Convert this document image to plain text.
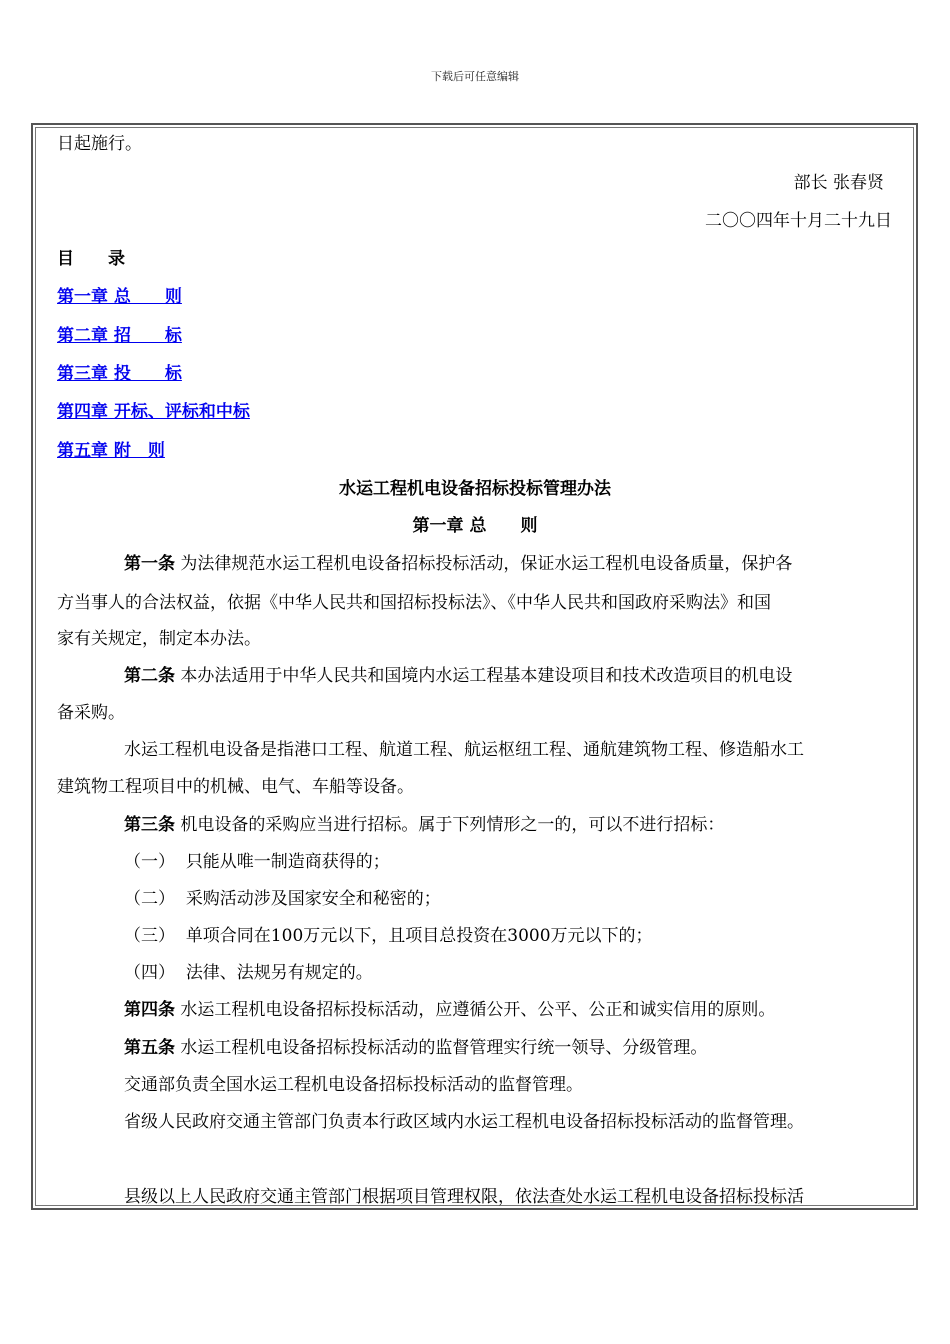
下载后可任意编辑
日起施行。
部长 张春贤
二〇〇四年十月二十九日
目　　录
第一章 总　　则
第二章 招　　标
第三章 投　　标
第四章 开标、评标和中标
第五章 附　则
水运工程机电设备招标投标管理办法
第一章 总　　则
第一条 为法律规范水运工程机电设备招标投标活动，保证水运工程机电设备质量，保护各
方当事人的合法权益，依据《中华人民共和国招标投标法》、《中华人民共和国政府采购法》和国
家有关规定，制定本办法。
第二条 本办法适用于中华人民共和国境内水运工程基本建设项目和技术改造项目的机电设
备采购。
水运工程机电设备是指港口工程、航道工程、航运枢纽工程、通航建筑物工程、修造船水工
建筑物工程项目中的机械、电气、车船等设备。
第三条 机电设备的采购应当进行招标。属于下列情形之一的，可以不进行招标：
（一） 只能从唯一制造商获得的；
（二） 采购活动涉及国家安全和秘密的；
（三） 单项合同在100万元以下，且项目总投资在3000万元以下的；
（四） 法律、法规另有规定的。
第四条 水运工程机电设备招标投标活动，应遵循公开、公平、公正和诚实信用的原则。
第五条 水运工程机电设备招标投标活动的监督管理实行统一领导、分级管理。
交通部负责全国水运工程机电设备招标投标活动的监督管理。
省级人民政府交通主管部门负责本行政区域内水运工程机电设备招标投标活动的监督管理。
县级以上人民政府交通主管部门根据项目管理权限，依法查处水运工程机电设备招标投标活
